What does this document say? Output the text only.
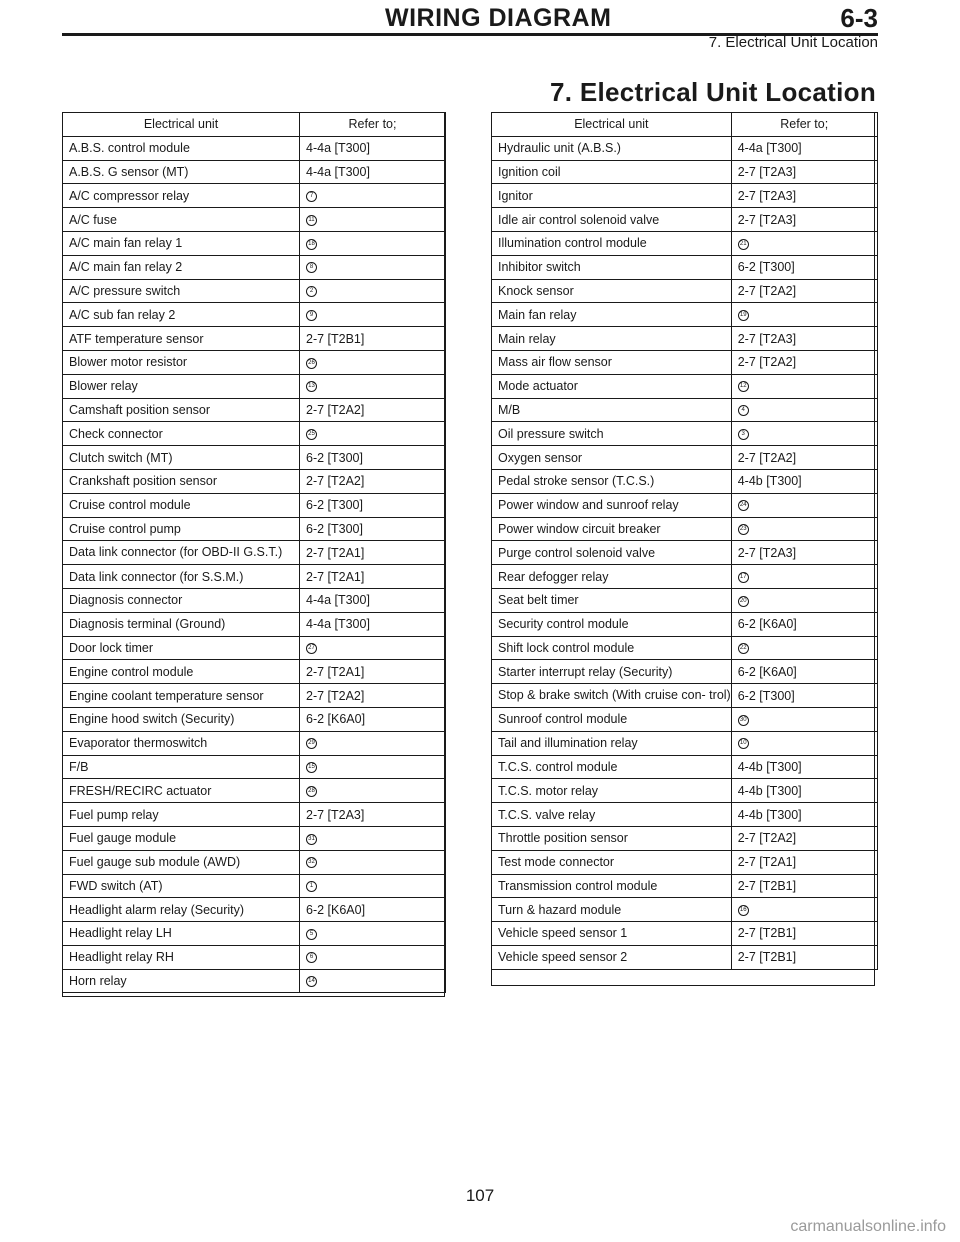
WIRING DIAGRAM	6-3
7. Electrical Unit Location
7. Electrical Unit Location
Electrical unit	Refer to;
A.B.S. control module	4-4a [T300]
A.B.S. G sensor (MT)	4-4a [T300]
A/C compressor relay	7
A/C fuse	11
A/C main fan relay 1	18
A/C main fan relay 2	8
A/C pressure switch	2
A/C sub fan relay 2	9
ATF temperature sensor	2-7 [T2B1]
Blower motor resistor	26
Blower relay	13
Camshaft position sensor	2-7 [T2A2]
Check connector	25
Clutch switch (MT)	6-2 [T300]
Crankshaft position sensor	2-7 [T2A2]
Cruise control module	6-2 [T300]
Cruise control pump	6-2 [T300]
Data link connector (for OBD-II G.S.T.)	2-7 [T2A1]
Data link connector (for S.S.M.)	2-7 [T2A1]
Diagnosis connector	4-4a [T300]
Diagnosis terminal (Ground)	4-4a [T300]
Door lock timer	27
Engine control module	2-7 [T2A1]
Engine coolant temperature sensor	2-7 [T2A2]
Engine hood switch (Security)	6-2 [K6A0]
Evaporator thermoswitch	29
F/B	15
FRESH/RECIRC actuator	28
Fuel pump relay	2-7 [T2A3]
Fuel gauge module	31
Fuel gauge sub module (AWD)	32
FWD switch (AT)	1
Headlight alarm relay (Security)	6-2 [K6A0]
Headlight relay LH	5
Headlight relay RH	6
Horn relay	14
Electrical unit	Refer to;
Hydraulic unit (A.B.S.)	4-4a [T300]
Ignition coil	2-7 [T2A3]
Ignitor	2-7 [T2A3]
Idle air control solenoid valve	2-7 [T2A3]
Illumination control module	21
Inhibitor switch	6-2 [T300]
Knock sensor	2-7 [T2A2]
Main fan relay	19
Main relay	2-7 [T2A3]
Mass air flow sensor	2-7 [T2A2]
Mode actuator	12
M/B	4
Oil pressure switch	3
Oxygen sensor	2-7 [T2A2]
Pedal stroke sensor (T.C.S.)	4-4b [T300]
Power window and sunroof relay	24
Power window circuit breaker	23
Purge control solenoid valve	2-7 [T2A3]
Rear defogger relay	17
Seat belt timer	20
Security control module	6-2 [K6A0]
Shift lock control module	22
Starter interrupt relay (Security)	6-2 [K6A0]
Stop & brake switch (With cruise con- trol)	6-2 [T300]
Sunroof control module	30
Tail and illumination relay	10
T.C.S. control module	4-4b [T300]
T.C.S. motor relay	4-4b [T300]
T.C.S. valve relay	4-4b [T300]
Throttle position sensor	2-7 [T2A2]
Test mode connector	2-7 [T2A1]
Transmission control module	2-7 [T2B1]
Turn & hazard module	16
Vehicle speed sensor 1	2-7 [T2B1]
Vehicle speed sensor 2	2-7 [T2B1]
107
carmanualsonline.info
